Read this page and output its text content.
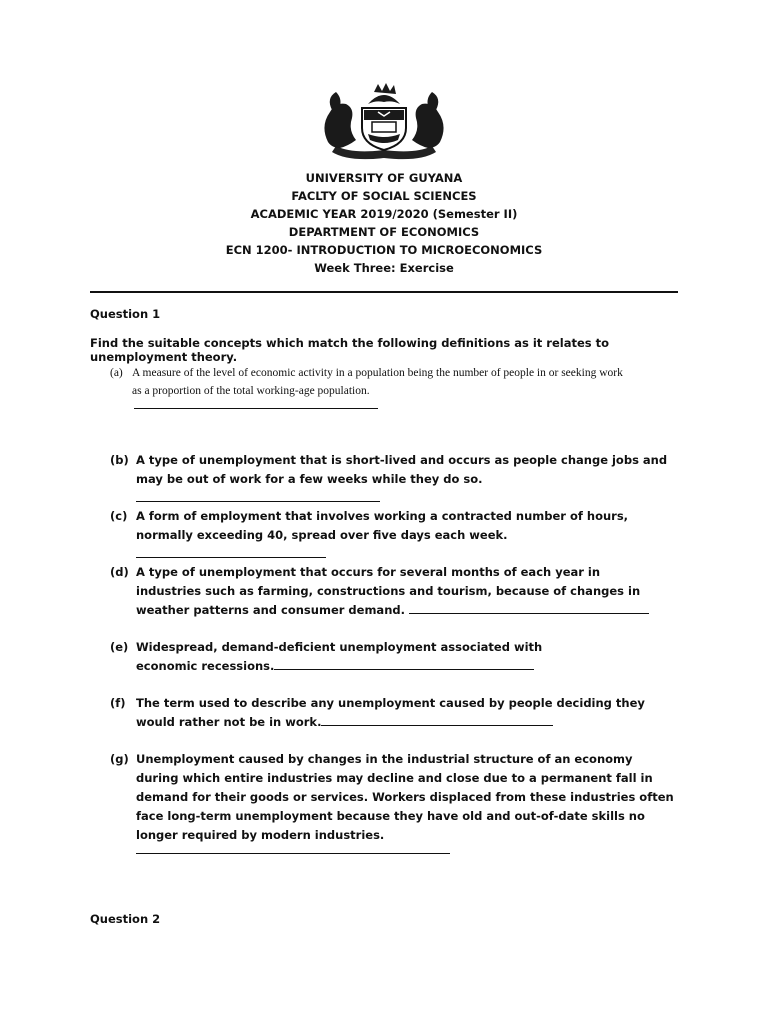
UNIVERSITY OF GUYANA
FACLTY OF SOCIAL SCIENCES
ACADEMIC YEAR 2019/2020 (Semester II)
DEPARTMENT OF ECONOMICS
ECN 1200- INTRODUCTION TO MICROECONOMICS
Week Three: Exercise
Question 1
Find the suitable concepts which match the following definitions as it relates to unemployment theory.
(a) A measure of the level of economic activity in a population being the number of people in or seeking work as a proportion of the total working-age population.
(b) A type of unemployment that is short-lived and occurs as people change jobs and may be out of work for a few weeks while they do so.
(c) A form of employment that involves working a contracted number of hours, normally exceeding 40, spread over five days each week.
(d) A type of unemployment that occurs for several months of each year in industries such as farming, constructions and tourism, because of changes in weather patterns and consumer demand.
(e) Widespread, demand-deficient unemployment associated with economic recessions.
(f) The term used to describe any unemployment caused by people deciding they would rather not be in work.
(g) Unemployment caused by changes in the industrial structure of an economy during which entire industries may decline and close due to a permanent fall in demand for their goods or services. Workers displaced from these industries often face long-term unemployment because they have old and out-of-date skills no longer required by modern industries.
Question 2
